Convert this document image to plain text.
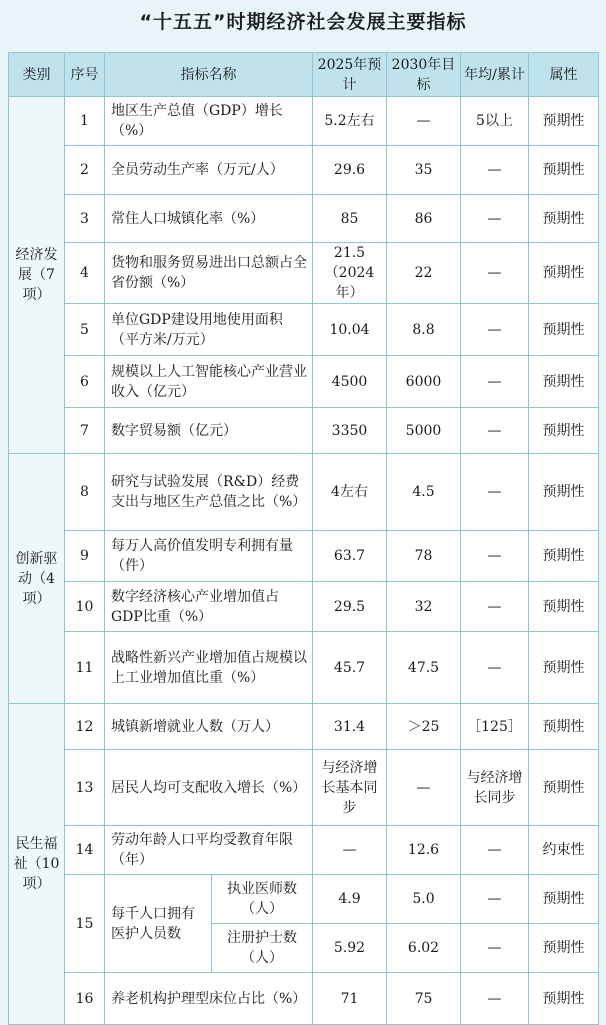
“十五五”时期经济社会发展主要指标
类别	序号	指标名称		2025年预计	2030年目标	年均/累计	属性
经济发展（7项）	1	地区生产总值（GDP）增长（%）		5.2左右	—	5以上	预期性
	2	全员劳动生产率（万元/人）		29.6	35	—	预期性
	3	常住人口城镇化率（%）		85	86	—	预期性
	4	货物和服务贸易进出口总额占全省份额（%）		21.5（2024年）	22	—	预期性
	5	单位GDP建设用地使用面积（平方米/万元）		10.04	8.8	—	预期性
	6	规模以上人工智能核心产业营业收入（亿元）		4500	6000	—	预期性
	7	数字贸易额（亿元）		3350	5000	—	预期性
创新驱动（4项）	8	研究与试验发展（R&D）经费支出与地区生产总值之比（%）		4左右	4.5	—	预期性
	9	每万人高价值发明专利拥有量（件）		63.7	78	—	预期性
	10	数字经济核心产业增加值占GDP比重（%）		29.5	32	—	预期性
	11	战略性新兴产业增加值占规模以上工业增加值比重（%）		45.7	47.5	—	预期性
民生福祉（10项）	12	城镇新增就业人数（万人）		31.4	＞25	［125］	预期性
	13	居民人均可支配收入增长（%）		与经济增长基本同步	—	与经济增长同步	预期性
	14	劳动年龄人口平均受教育年限（年）		—	12.6	—	约束性
	15	每千人口拥有医护人员数	执业医师数（人）	4.9	5.0	—	预期性
			注册护士数（人）	5.92	6.02	—	预期性
	16	养老机构护理型床位占比（%）		71	75	—	预期性
